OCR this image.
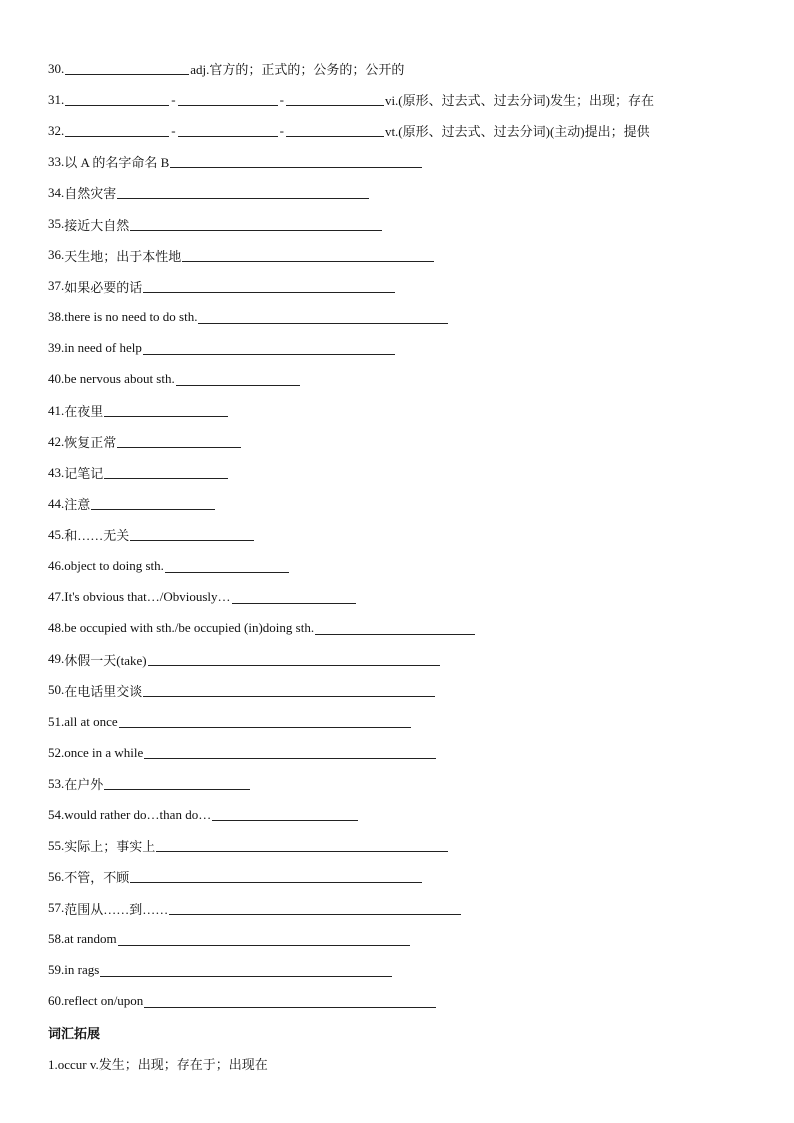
30.	adj.官方的；正式的；公务的；公开的
31.	-	-	vi.(原形、过去式、过去分词)发生；出现；存在
32.	-	-	vt.(原形、过去式、过去分词)(主动)提出；提供
33. 以 A 的名字命名 B
34. 自然灾害
35. 接近大自然
36. 天生地；出于本性地
37. 如果必要的话
38. there is no need to do sth.
39. in need of help
40. be nervous about sth.
41. 在夜里
42. 恢复正常
43. 记笔记
44. 注意
45. 和……无关
46. object to doing sth.
47. It's obvious that…/Obviously…
48. be occupied with sth./be occupied (in)doing sth.
49. 休假一天(take)
50. 在电话里交谈
51. all at once
52. once in a while
53. 在户外
54. would rather do…than do…
55. 实际上；事实上
56. 不管，不顾
57. 范围从……到……
58. at random
59. in rags
60. reflect on/upon
词汇拓展
1.occur v.发生；出现；存在于；出现在
